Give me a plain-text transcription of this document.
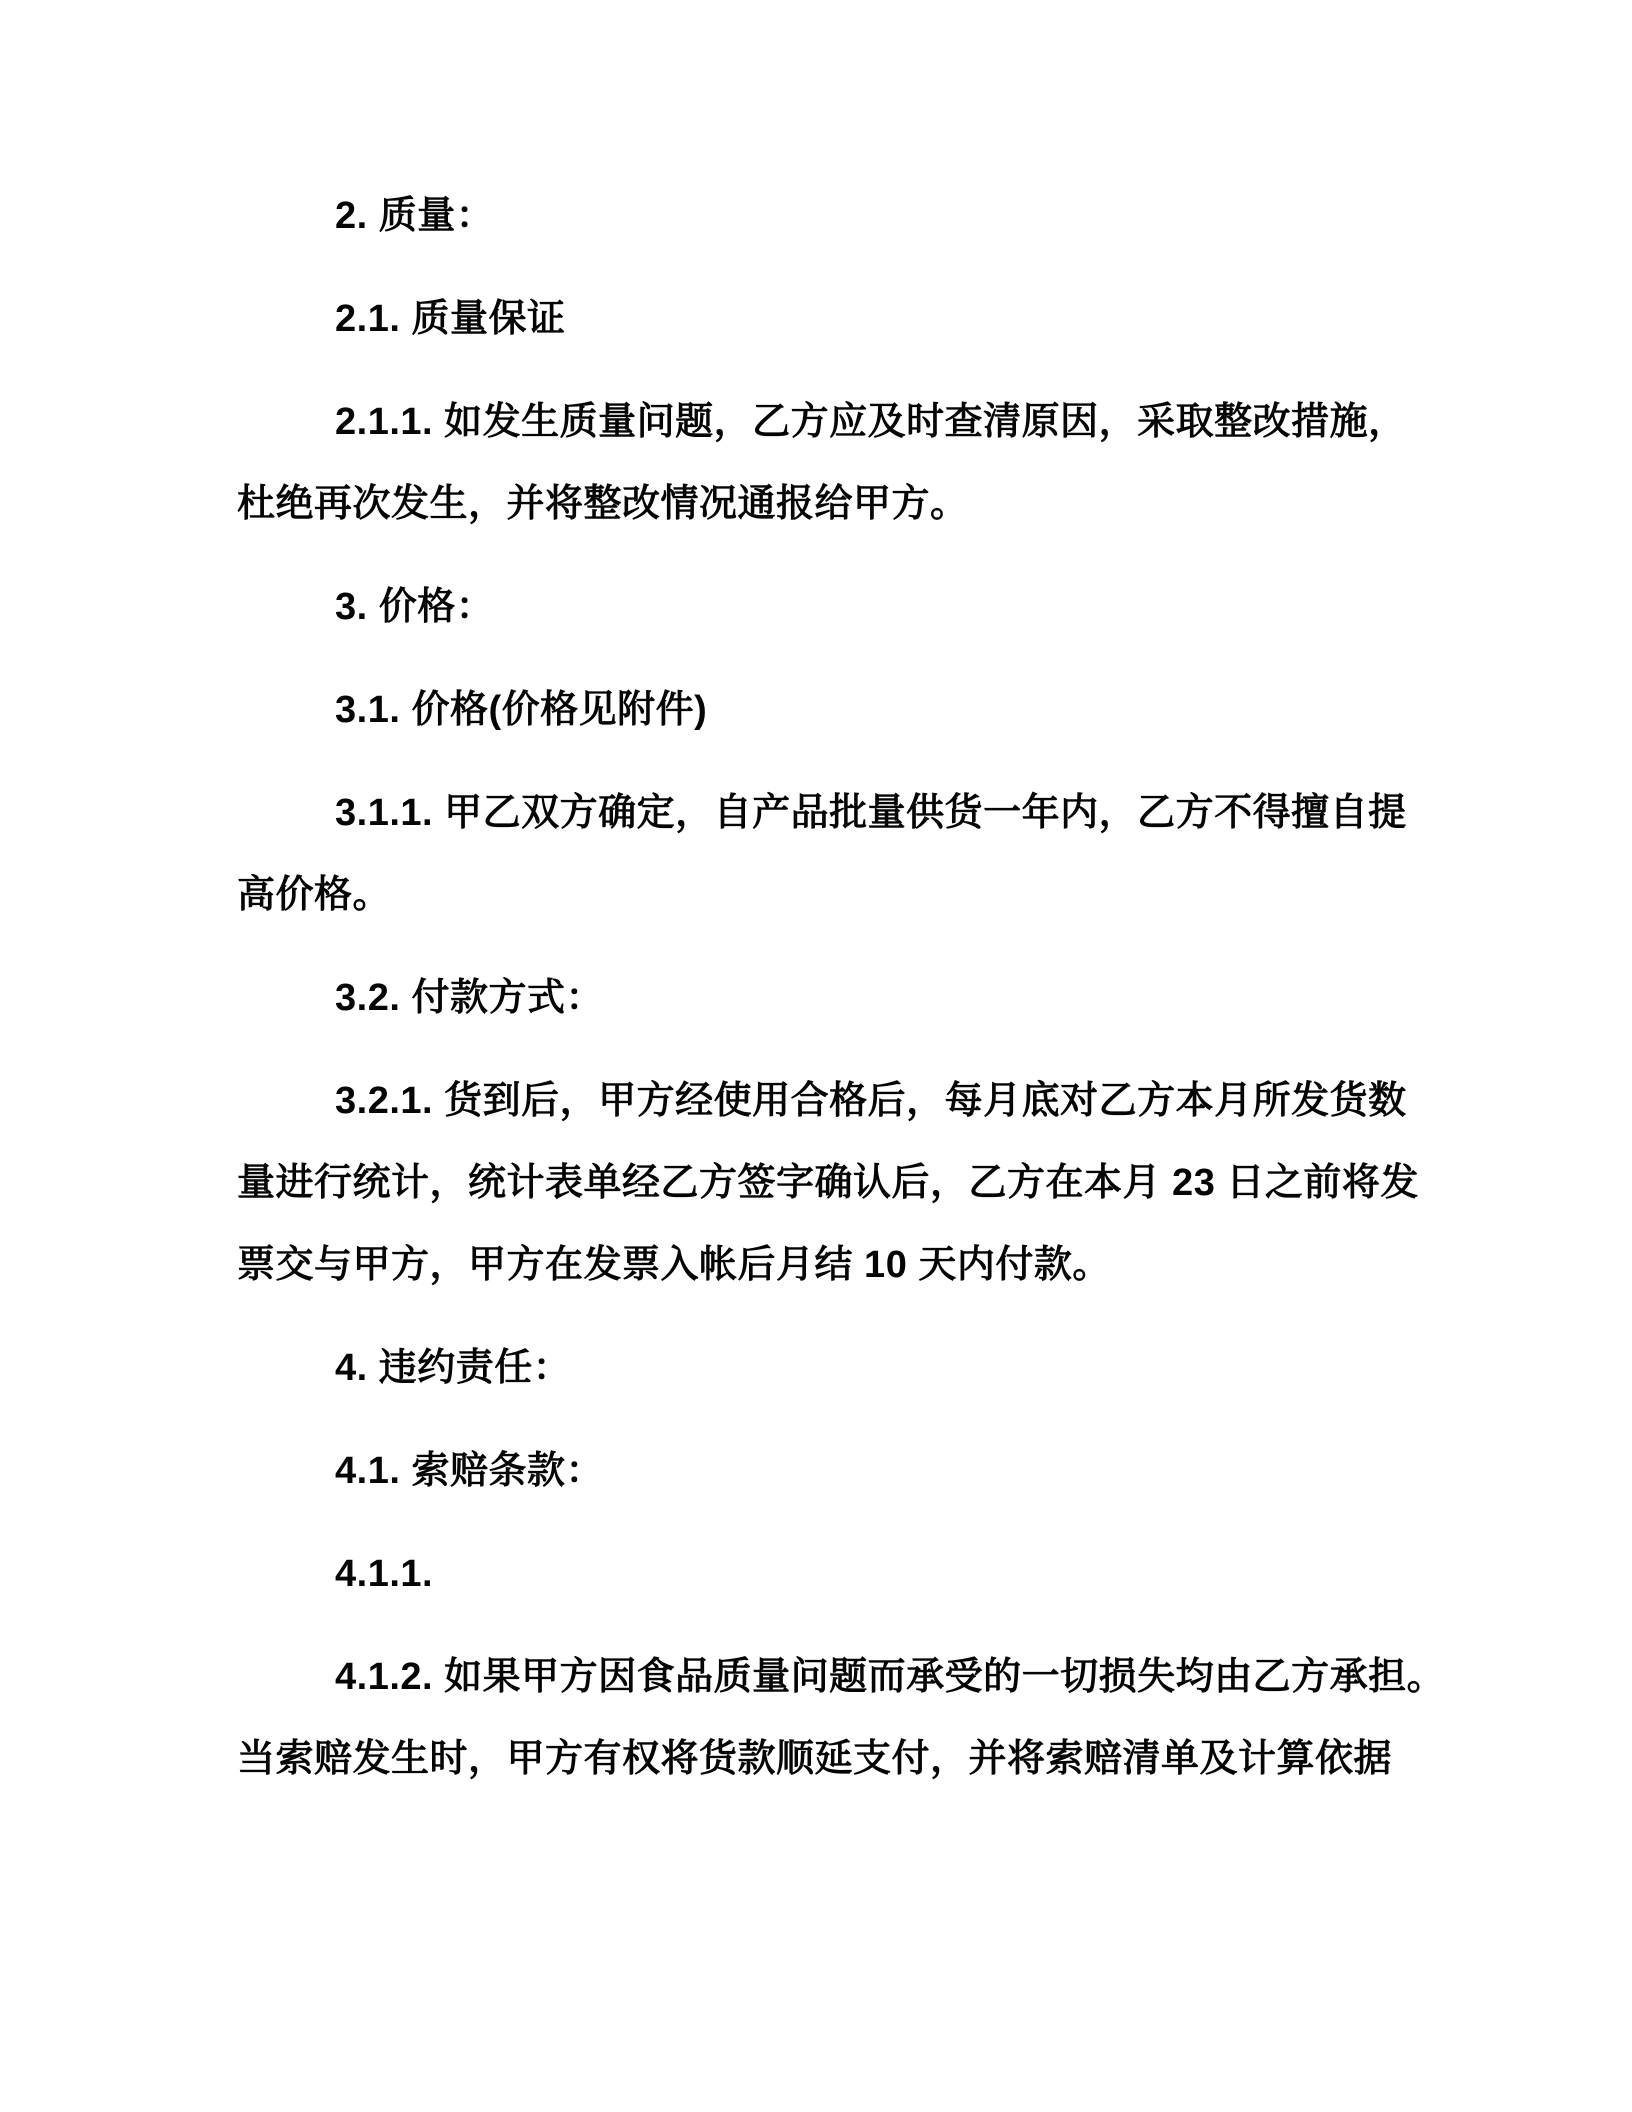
2. 质量：

2.1. 质量保证

2.1.1. 如发生质量问题，乙方应及时查清原因，采取整改措施，
杜绝再次发生，并将整改情况通报给甲方。

3. 价格：

3.1. 价格(价格见附件)

3.1.1. 甲乙双方确定，自产品批量供货一年内，乙方不得擅自提
高价格。

3.2. 付款方式：

3.2.1. 货到后，甲方经使用合格后，每月底对乙方本月所发货数
量进行统计，统计表单经乙方签字确认后，乙方在本月 23 日之前将发
票交与甲方，甲方在发票入帐后月结 10 天内付款。

4. 违约责任：

4.1. 索赔条款：

4.1.1.

4.1.2. 如果甲方因食品质量问题而承受的一切损失均由乙方承担。
当索赔发生时，甲方有权将货款顺延支付，并将索赔清单及计算依据
